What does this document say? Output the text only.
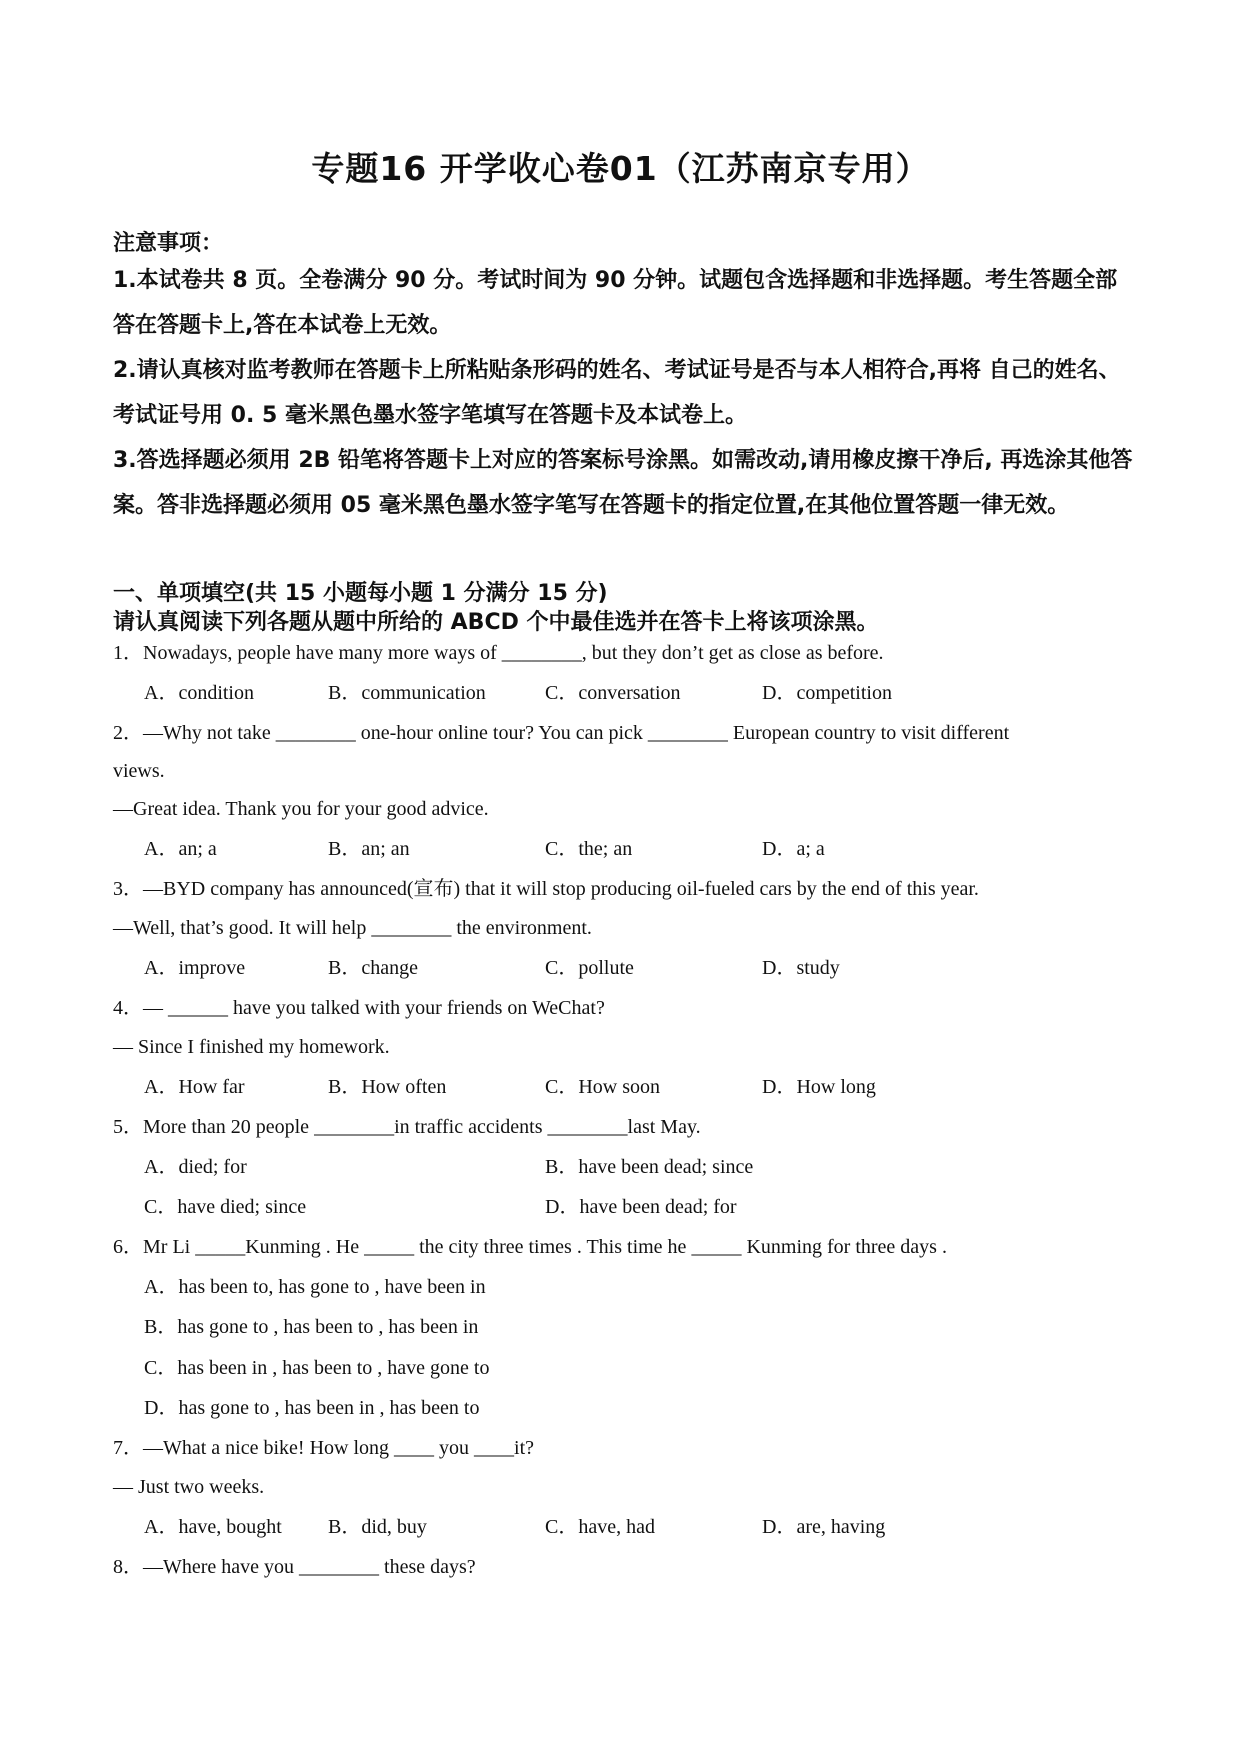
专题16 开学收心卷01（江苏南京专用）
注意事项：
1.本试卷共 8 页。全卷满分 90 分。考试时间为 90 分钟。试题包含选择题和非选择题。考生答题全部答在答题卡上,答在本试卷上无效。
2.请认真核对监考教师在答题卡上所粘贴条形码的姓名、考试证号是否与本人相符合,再将 自己的姓名、考试证号用 0. 5 毫米黑色墨水签字笔填写在答题卡及本试卷上。
3.答选择题必须用 2B 铅笔将答题卡上对应的答案标号涂黑。如需改动,请用橡皮擦干净后, 再选涂其他答案。答非选择题必须用 05 毫米黑色墨水签字笔写在答题卡的指定位置,在其他位置答题一律无效。
一、单项填空(共 15 小题每小题 1 分满分 15 分)
请认真阅读下列各题从题中所给的 ABCD 个中最佳选并在答卡上将该项涂黑。
1．Nowadays, people have many more ways of ________, but they don’t get as close as before.
A．condition	B．communication	C．conversation	D．competition
2．—Why not take ________ one-hour online tour? You can pick ________ European country to visit different
views.
—Great idea. Thank you for your good advice.
A．an; a	B．an; an	C．the; an	D．a; a
3．—BYD company has announced(宣布) that it will stop producing oil-fueled cars by the end of this year.
—Well, that’s good. It will help ________ the environment.
A．improve	B．change	C．pollute	D．study
4．— ______ have you talked with your friends on WeChat?
— Since I finished my homework.
A．How far	B．How often	C．How soon	D．How long
5．More than 20 people ________in traffic accidents ________last May.
A．died; for	B．have been dead; since
C．have died; since	D．have been dead; for
6．Mr Li _____Kunming . He _____ the city three times . This time he _____ Kunming for three days .
A．has been to, has gone to , have been in
B．has gone to , has been to , has been in
C．has been in , has been to , have gone to
D．has gone to , has been in , has been to
7．—What a nice bike! How long ____ you ____it?
— Just two weeks.
A．have, bought B．did, buy	C．have, had	D．are, having
8．—Where have you ________ these days?
